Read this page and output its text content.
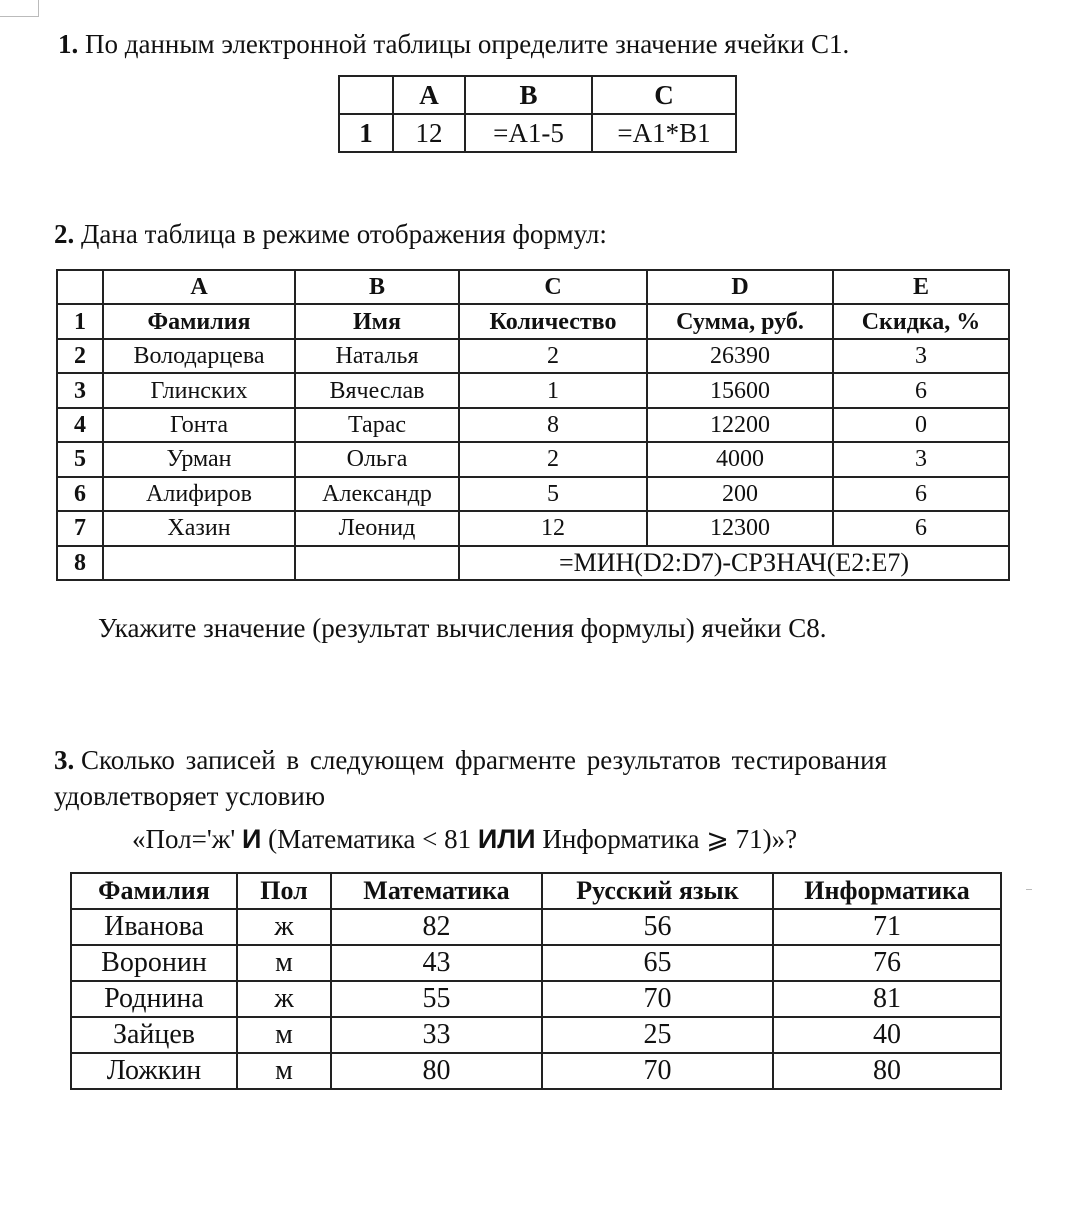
1. По данным электронной таблицы определите значение ячейки C1.
	A	B	C
1	12	=A1-5	=A1*B1
2. Дана таблица в режиме отображения формул:
	A	B	C	D	E
1	Фамилия	Имя	Количество	Сумма, руб.	Скидка, %
2	Володарцева	Наталья	2	26390	3
3	Глинских	Вячеслав	1	15600	6
4	Гонта	Тарас	8	12200	0
5	Урман	Ольга	2	4000	3
6	Алифиров	Александр	5	200	6
7	Хазин	Леонид	12	12300	6
8			=МИН(D2:D7)-СРЗНАЧ(E2:E7)		
Укажите значение (результат вычисления формулы) ячейки C8.
3. Сколько записей в следующем фрагменте результатов тестирования
удовлетворяет условию
«Пол='ж' И (Математика < 81 ИЛИ Информатика ⩾ 71)»?
Фамилия	Пол	Математика	Русский язык	Информатика
Иванова	ж	82	56	71
Воронин	м	43	65	76
Роднина	ж	55	70	81
Зайцев	м	33	25	40
Ложкин	м	80	70	80
